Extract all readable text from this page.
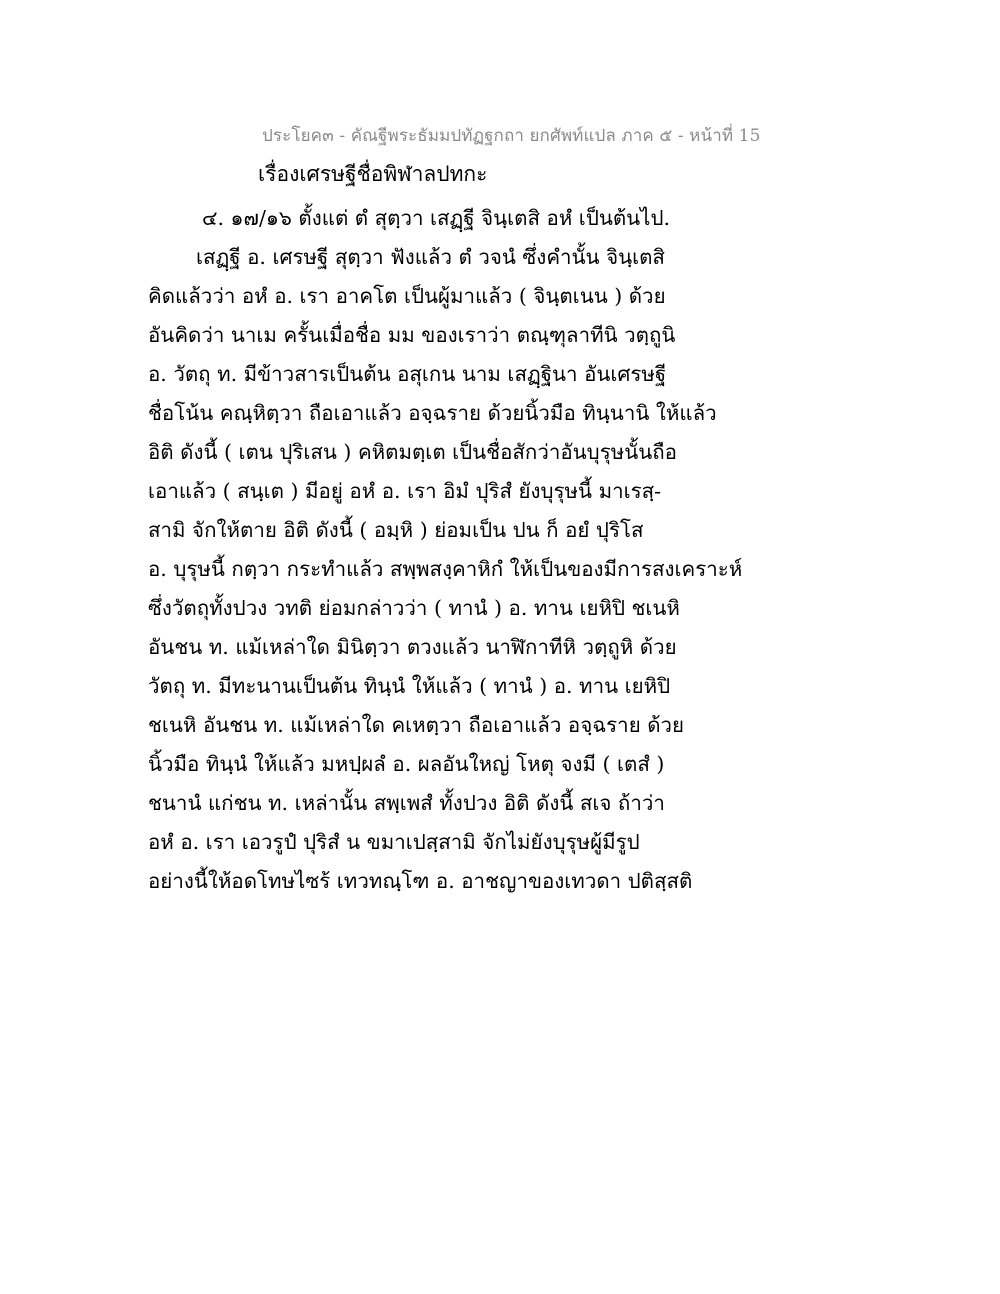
ประโยค๓ - คัณฐีพระธัมมปทัฏฐกถา ยกศัพท์แปล ภาค ๕ - หน้าที่ 15
เรื่องเศรษฐีชื่อพิฬาลปทกะ
๔. ๑๗/๑๖ ตั้งแต่ ตํ สุตฺวา เสฏฺฐี จินฺเตสิ อหํ เป็นต้นไป.
เสฏฺฐี อ. เศรษฐี สุตฺวา ฟังแล้ว ตํ วจนํ ซึ่งคำนั้น จินฺเตสิ
คิดแล้วว่า อหํ อ. เรา อาคโต เป็นผู้มาแล้ว ( จินฺตเนน ) ด้วย
อันคิดว่า นาเม ครั้นเมื่อชื่อ มม ของเราว่า ตณฺฑุลาทีนิ วตฺถูนิ
อ. วัตถุ ท. มีข้าวสารเป็นต้น อสุเกน นาม เสฏฺฐินา อันเศรษฐี
ชื่อโน้น คณฺหิตฺวา ถือเอาแล้ว อจฺฉราย ด้วยนิ้วมือ ทินฺนานิ ให้แล้ว
อิติ ดังนี้ ( เตน ปุริเสน ) คหิตมตฺเต เป็นชื่อสักว่าอันบุรุษนั้นถือ
เอาแล้ว ( สนฺเต ) มีอยู่ อหํ อ. เรา อิมํ ปุริสํ ยังบุรุษนี้ มาเรสฺ-
สามิ จักให้ตาย อิติ ดังนี้ ( อมฺหิ ) ย่อมเป็น ปน ก็ อยํ ปุริโส
อ. บุรุษนี้ กตฺวา กระทำแล้ว สพฺพสงฺคาหิกํ ให้เป็นของมีการสงเคราะห์
ซึ่งวัตถุทั้งปวง วทติ ย่อมกล่าวว่า ( ทานํ ) อ. ทาน เยหิปิ ชเนหิ
อันชน ท. แม้เหล่าใด มินิตฺวา ตวงแล้ว นาฬิกาทีหิ วตฺถูหิ ด้วย
วัตถุ ท. มีทะนานเป็นต้น ทินฺนํ ให้แล้ว ( ทานํ ) อ. ทาน เยหิปิ
ชเนหิ อันชน ท. แม้เหล่าใด คเหตฺวา ถือเอาแล้ว อจฺฉราย ด้วย
นิ้วมือ ทินฺนํ ให้แล้ว มหปฺผลํ อ. ผลอันใหญ่ โหตุ จงมี ( เตสํ )
ชนานํ แก่ชน ท. เหล่านั้น สพฺเพสํ ทั้งปวง อิติ ดังนี้ สเจ ถ้าว่า
อหํ อ. เรา เอวรูปํ ปุริสํ น ขมาเปสฺสามิ จักไม่ยังบุรุษผู้มีรูป
อย่างนี้ให้อดโทษไซร้ เทวทณฺโฑ อ. อาชญาของเทวดา ปติสฺสติ
